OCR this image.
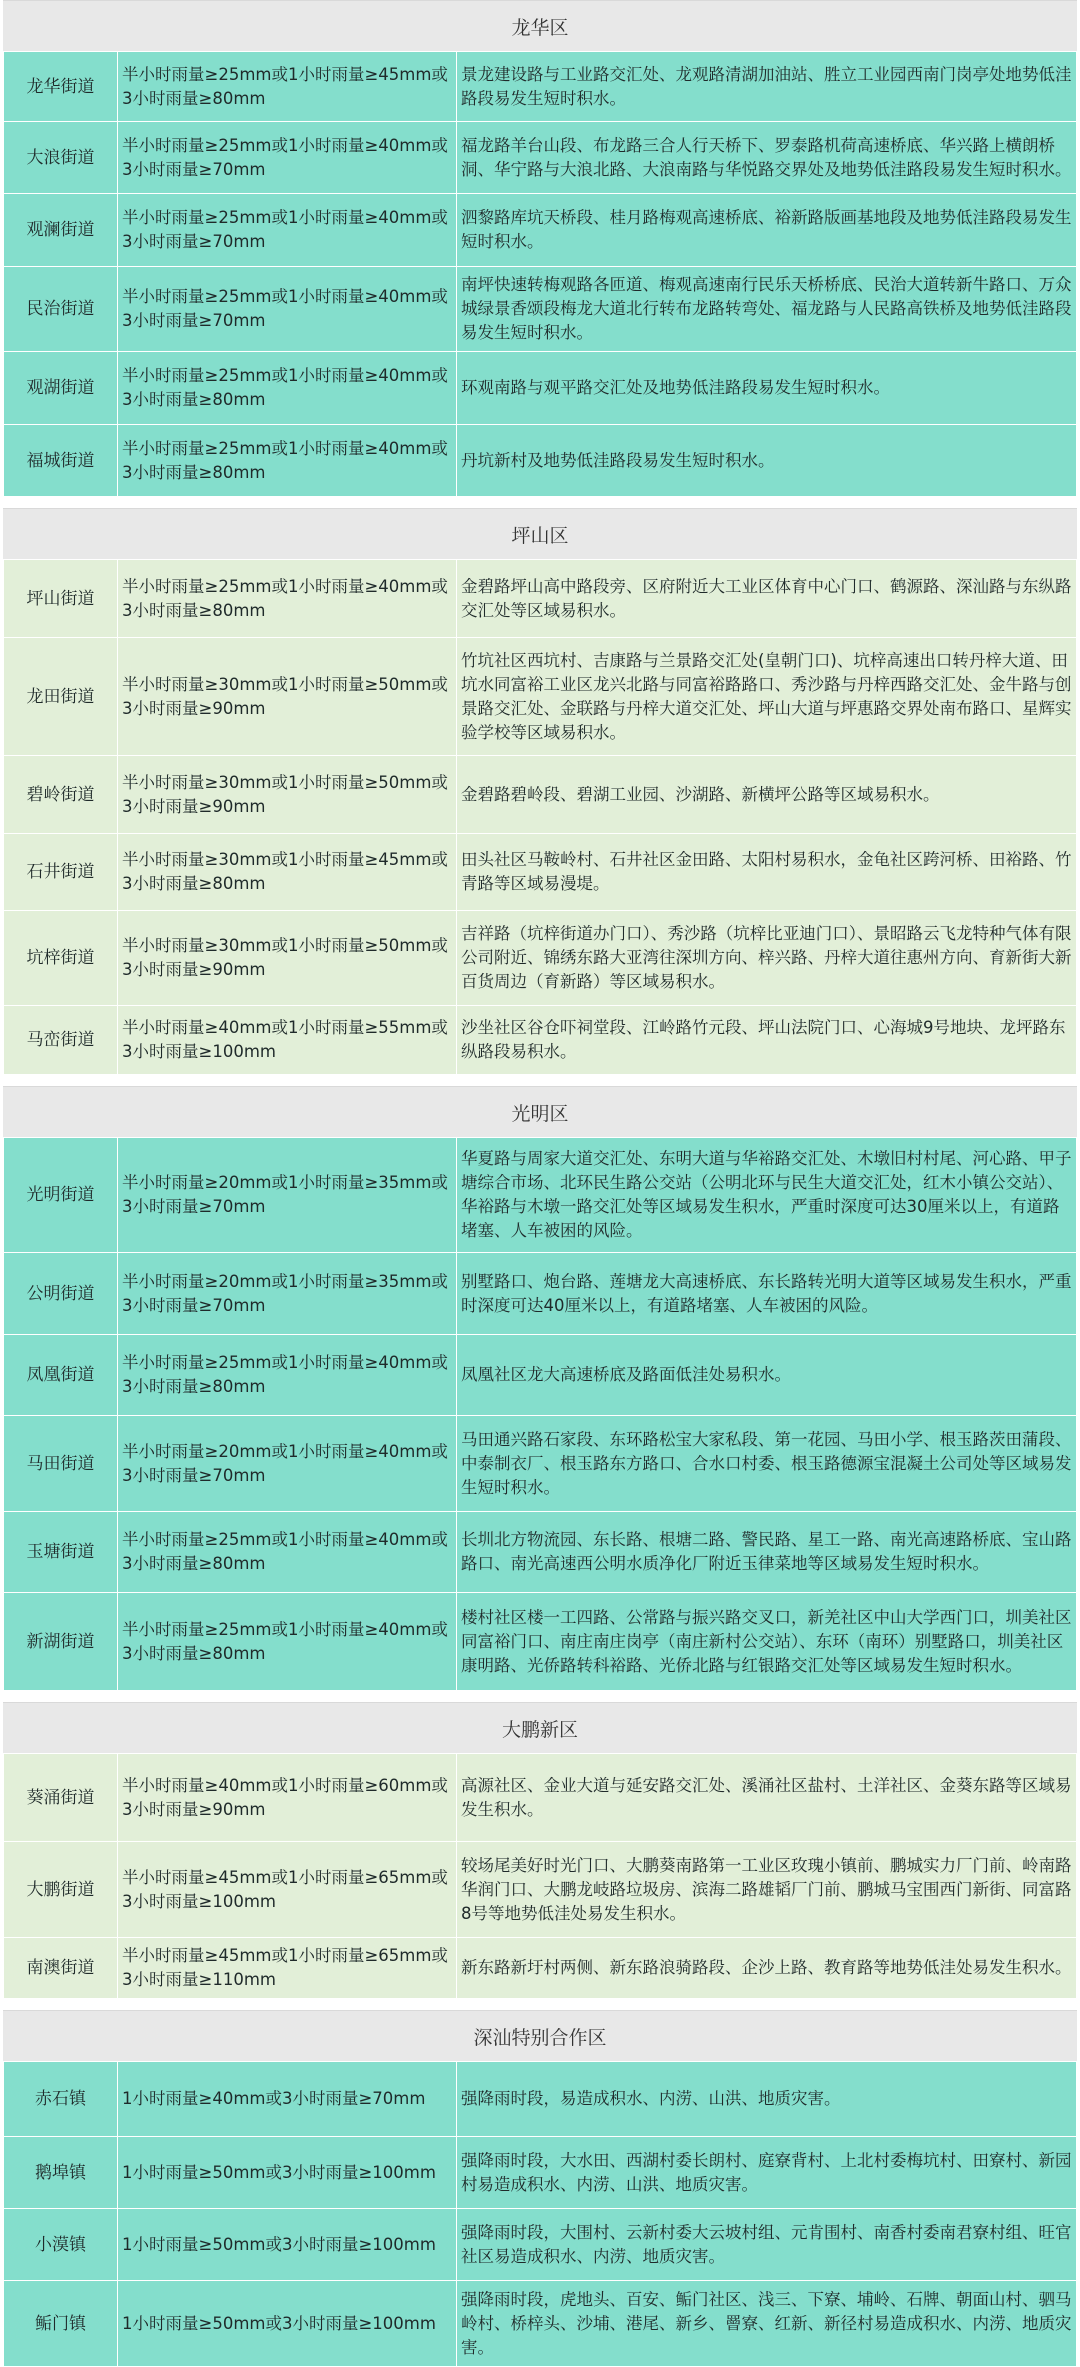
龙华区
龙华街道	半小时雨量≥25mm或1小时雨量≥45mm或3小时雨量≥80mm	景龙建设路与工业路交汇处、龙观路清湖加油站、胜立工业园西南门岗亭处地势低洼路段易发生短时积水。
大浪街道	半小时雨量≥25mm或1小时雨量≥40mm或3小时雨量≥70mm	福龙路羊台山段、布龙路三合人行天桥下、罗泰路机荷高速桥底、华兴路上横朗桥洞、华宁路与大浪北路、大浪南路与华悦路交界处及地势低洼路段易发生短时积水。
观澜街道	半小时雨量≥25mm或1小时雨量≥40mm或3小时雨量≥70mm	泗黎路库坑天桥段、桂月路梅观高速桥底、裕新路版画基地段及地势低洼路段易发生短时积水。
民治街道	半小时雨量≥25mm或1小时雨量≥40mm或3小时雨量≥70mm	南坪快速转梅观路各匝道、梅观高速南行民乐天桥桥底、民治大道转新牛路口、万众城绿景香颂段梅龙大道北行转布龙路转弯处、福龙路与人民路高铁桥及地势低洼路段易发生短时积水。
观湖街道	半小时雨量≥25mm或1小时雨量≥40mm或3小时雨量≥80mm	环观南路与观平路交汇处及地势低洼路段易发生短时积水。
福城街道	半小时雨量≥25mm或1小时雨量≥40mm或3小时雨量≥80mm	丹坑新村及地势低洼路段易发生短时积水。
坪山区
坪山街道	半小时雨量≥25mm或1小时雨量≥40mm或3小时雨量≥80mm	金碧路坪山高中路段旁、区府附近大工业区体育中心门口、鹤源路、深汕路与东纵路交汇处等区域易积水。
龙田街道	半小时雨量≥30mm或1小时雨量≥50mm或3小时雨量≥90mm	竹坑社区西坑村、吉康路与兰景路交汇处(皇朝门口)、坑梓高速出口转丹梓大道、田坑水同富裕工业区龙兴北路与同富裕路路口、秀沙路与丹梓西路交汇处、金牛路与创景路交汇处、金联路与丹梓大道交汇处、坪山大道与坪惠路交界处南布路口、星辉实验学校等区域易积水。
碧岭街道	半小时雨量≥30mm或1小时雨量≥50mm或3小时雨量≥90mm	金碧路碧岭段、碧湖工业园、沙湖路、新横坪公路等区域易积水。
石井街道	半小时雨量≥30mm或1小时雨量≥45mm或3小时雨量≥80mm	田头社区马鞍岭村、石井社区金田路、太阳村易积水，金龟社区跨河桥、田裕路、竹青路等区域易漫堤。
坑梓街道	半小时雨量≥30mm或1小时雨量≥50mm或3小时雨量≥90mm	吉祥路（坑梓街道办门口）、秀沙路（坑梓比亚迪门口）、景昭路云飞龙特种气体有限公司附近、锦绣东路大亚湾往深圳方向、梓兴路、丹梓大道往惠州方向、育新街大新百货周边（育新路）等区域易积水。
马峦街道	半小时雨量≥40mm或1小时雨量≥55mm或3小时雨量≥100mm	沙坐社区谷仓吓祠堂段、江岭路竹元段、坪山法院门口、心海城9号地块、龙坪路东纵路段易积水。
光明区
光明街道	半小时雨量≥20mm或1小时雨量≥35mm或3小时雨量≥70mm	华夏路与周家大道交汇处、东明大道与华裕路交汇处、木墩旧村村尾、河心路、甲子塘综合市场、北环民生路公交站（公明北环与民生大道交汇处，红木小镇公交站）、华裕路与木墩一路交汇处等区域易发生积水，严重时深度可达30厘米以上，有道路堵塞、人车被困的风险。
公明街道	半小时雨量≥20mm或1小时雨量≥35mm或3小时雨量≥70mm	别墅路口、炮台路、莲塘龙大高速桥底、东长路转光明大道等区域易发生积水，严重时深度可达40厘米以上，有道路堵塞、人车被困的风险。
凤凰街道	半小时雨量≥25mm或1小时雨量≥40mm或3小时雨量≥80mm	凤凰社区龙大高速桥底及路面低洼处易积水。
马田街道	半小时雨量≥20mm或1小时雨量≥40mm或3小时雨量≥70mm	马田通兴路石家段、东环路松宝大家私段、第一花园、马田小学、根玉路茨田蒲段、中泰制衣厂、根玉路东方路口、合水口村委、根玉路德源宝混凝土公司处等区域易发生短时积水。
玉塘街道	半小时雨量≥25mm或1小时雨量≥40mm或3小时雨量≥80mm	长圳北方物流园、东长路、根塘二路、警民路、星工一路、南光高速路桥底、宝山路路口、南光高速西公明水质净化厂附近玉律菜地等区域易发生短时积水。
新湖街道	半小时雨量≥25mm或1小时雨量≥40mm或3小时雨量≥80mm	楼村社区楼一工四路、公常路与振兴路交叉口，新羌社区中山大学西门口，圳美社区同富裕门口、南庄南庄岗亭（南庄新村公交站）、东环（南环）别墅路口，圳美社区康明路、光侨路转科裕路、光侨北路与红银路交汇处等区域易发生短时积水。
大鹏新区
葵涌街道	半小时雨量≥40mm或1小时雨量≥60mm或3小时雨量≥90mm	高源社区、金业大道与延安路交汇处、溪涌社区盐村、土洋社区、金葵东路等区域易发生积水。
大鹏街道	半小时雨量≥45mm或1小时雨量≥65mm或3小时雨量≥100mm	较场尾美好时光门口、大鹏葵南路第一工业区玫瑰小镇前、鹏城实力厂门前、岭南路华润门口、大鹏龙岐路垃圾房、滨海二路雄韬厂门前、鹏城马宝围西门新街、同富路8号等地势低洼处易发生积水。
南澳街道	半小时雨量≥45mm或1小时雨量≥65mm或3小时雨量≥110mm	新东路新圩村两侧、新东路浪骑路段、企沙上路、教育路等地势低洼处易发生积水。
深汕特别合作区
赤石镇	1小时雨量≥40mm或3小时雨量≥70mm	强降雨时段，易造成积水、内涝、山洪、地质灾害。
鹅埠镇	1小时雨量≥50mm或3小时雨量≥100mm	强降雨时段，大水田、西湖村委长朗村、庭寮背村、上北村委梅坑村、田寮村、新园村易造成积水、内涝、山洪、地质灾害。
小漠镇	1小时雨量≥50mm或3小时雨量≥100mm	强降雨时段，大围村、云新村委大云坡村组、元肯围村、南香村委南君寮村组、旺官社区易造成积水、内涝、地质灾害。
鲘门镇	1小时雨量≥50mm或3小时雨量≥100mm	强降雨时段，虎地头、百安、鲘门社区、浅三、下寮、埔岭、石牌、朝面山村、驷马岭村、桥梓头、沙埔、港尾、新乡、罾寮、红新、新径村易造成积水、内涝、地质灾害。
